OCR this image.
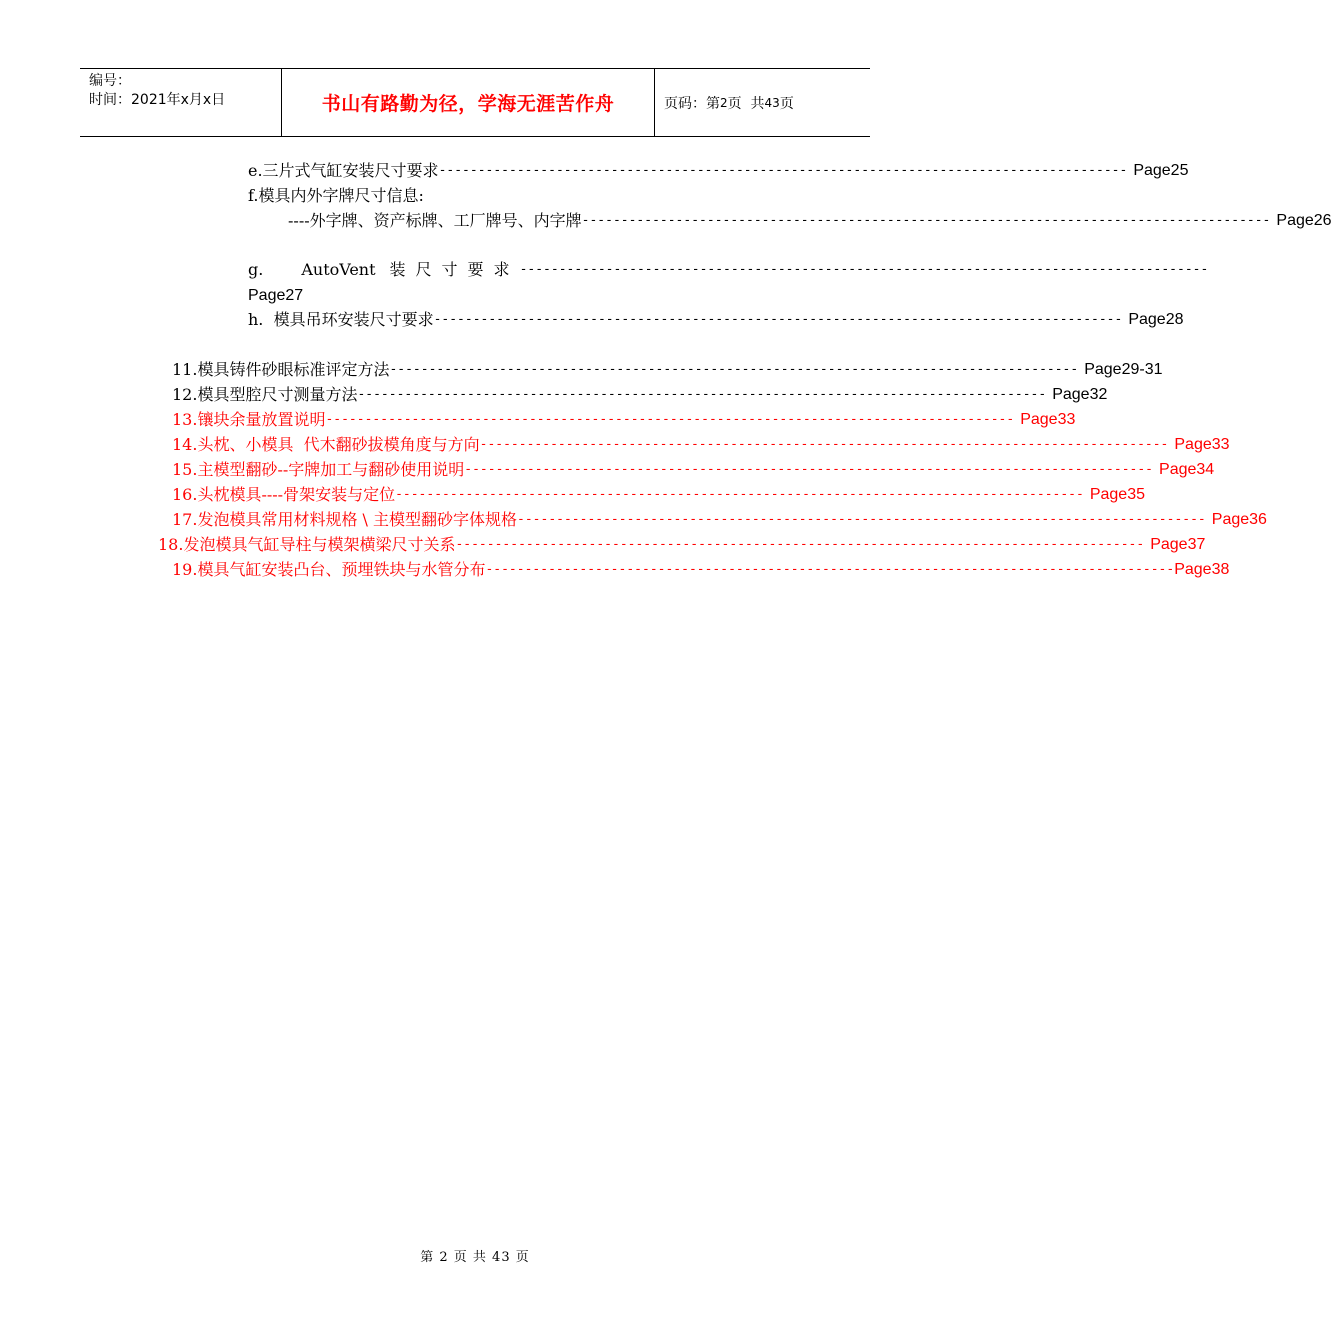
编号：
时间：2021年x月x日	书山有路勤为径，学海无涯苦作舟	页码：第 2 页  共 43 页
e.三片式气缸安装尺寸要求 ---------------------------------------------------------------------------------------- Page25
f.模具内外字牌尺寸信息:
----外字牌、资产标牌、工厂牌号、内字牌 ---------------------------------------------------------------------------------------- Page26
g. AutoVent 装尺寸要求 ----------------------------------------------------------------------------------------
Page27
h.  模具吊环安装尺寸要求 ---------------------------------------------------------------------------------------- Page28
11.模具铸件砂眼标准评定方法 ---------------------------------------------------------------------------------------- Page29-31
12.模具型腔尺寸测量方法 ---------------------------------------------------------------------------------------- Page32
13.镶块余量放置说明 ---------------------------------------------------------------------------------------- Page33
14.头枕、小模具  代木翻砂拔模角度与方向 ---------------------------------------------------------------------------------------- Page33
15.主模型翻砂--字牌加工与翻砂使用说明 ---------------------------------------------------------------------------------------- Page34
16.头枕模具----骨架安装与定位 ---------------------------------------------------------------------------------------- Page35
17.发泡模具常用材料规格 \ 主模型翻砂字体规格 ---------------------------------------------------------------------------------------- Page36
18.发泡模具气缸导柱与模架横梁尺寸关系 ---------------------------------------------------------------------------------------- Page37
19.模具气缸安装凸台、预埋铁块与水管分布 ---------------------------------------------------------------------------------------- Page38
第 2 页 共 43 页
